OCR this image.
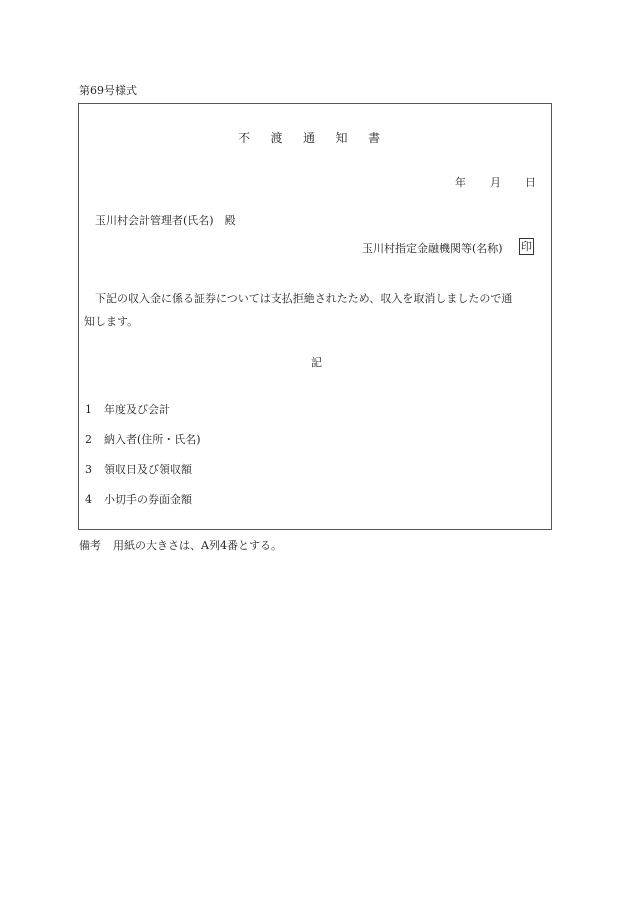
第69号様式
不渡通知書
年 月 日
玉川村会計管理者(氏名)　殿
玉川村指定金融機関等(名称) 印
下記の収入金に係る証券については支払拒絶されたため、収入を取消しましたので通
知します。
記
1 年度及び会計
2 納入者(住所・氏名)
3 領収日及び領収額
4 小切手の券面金額
備考 用紙の大きさは、A列4番とする。
